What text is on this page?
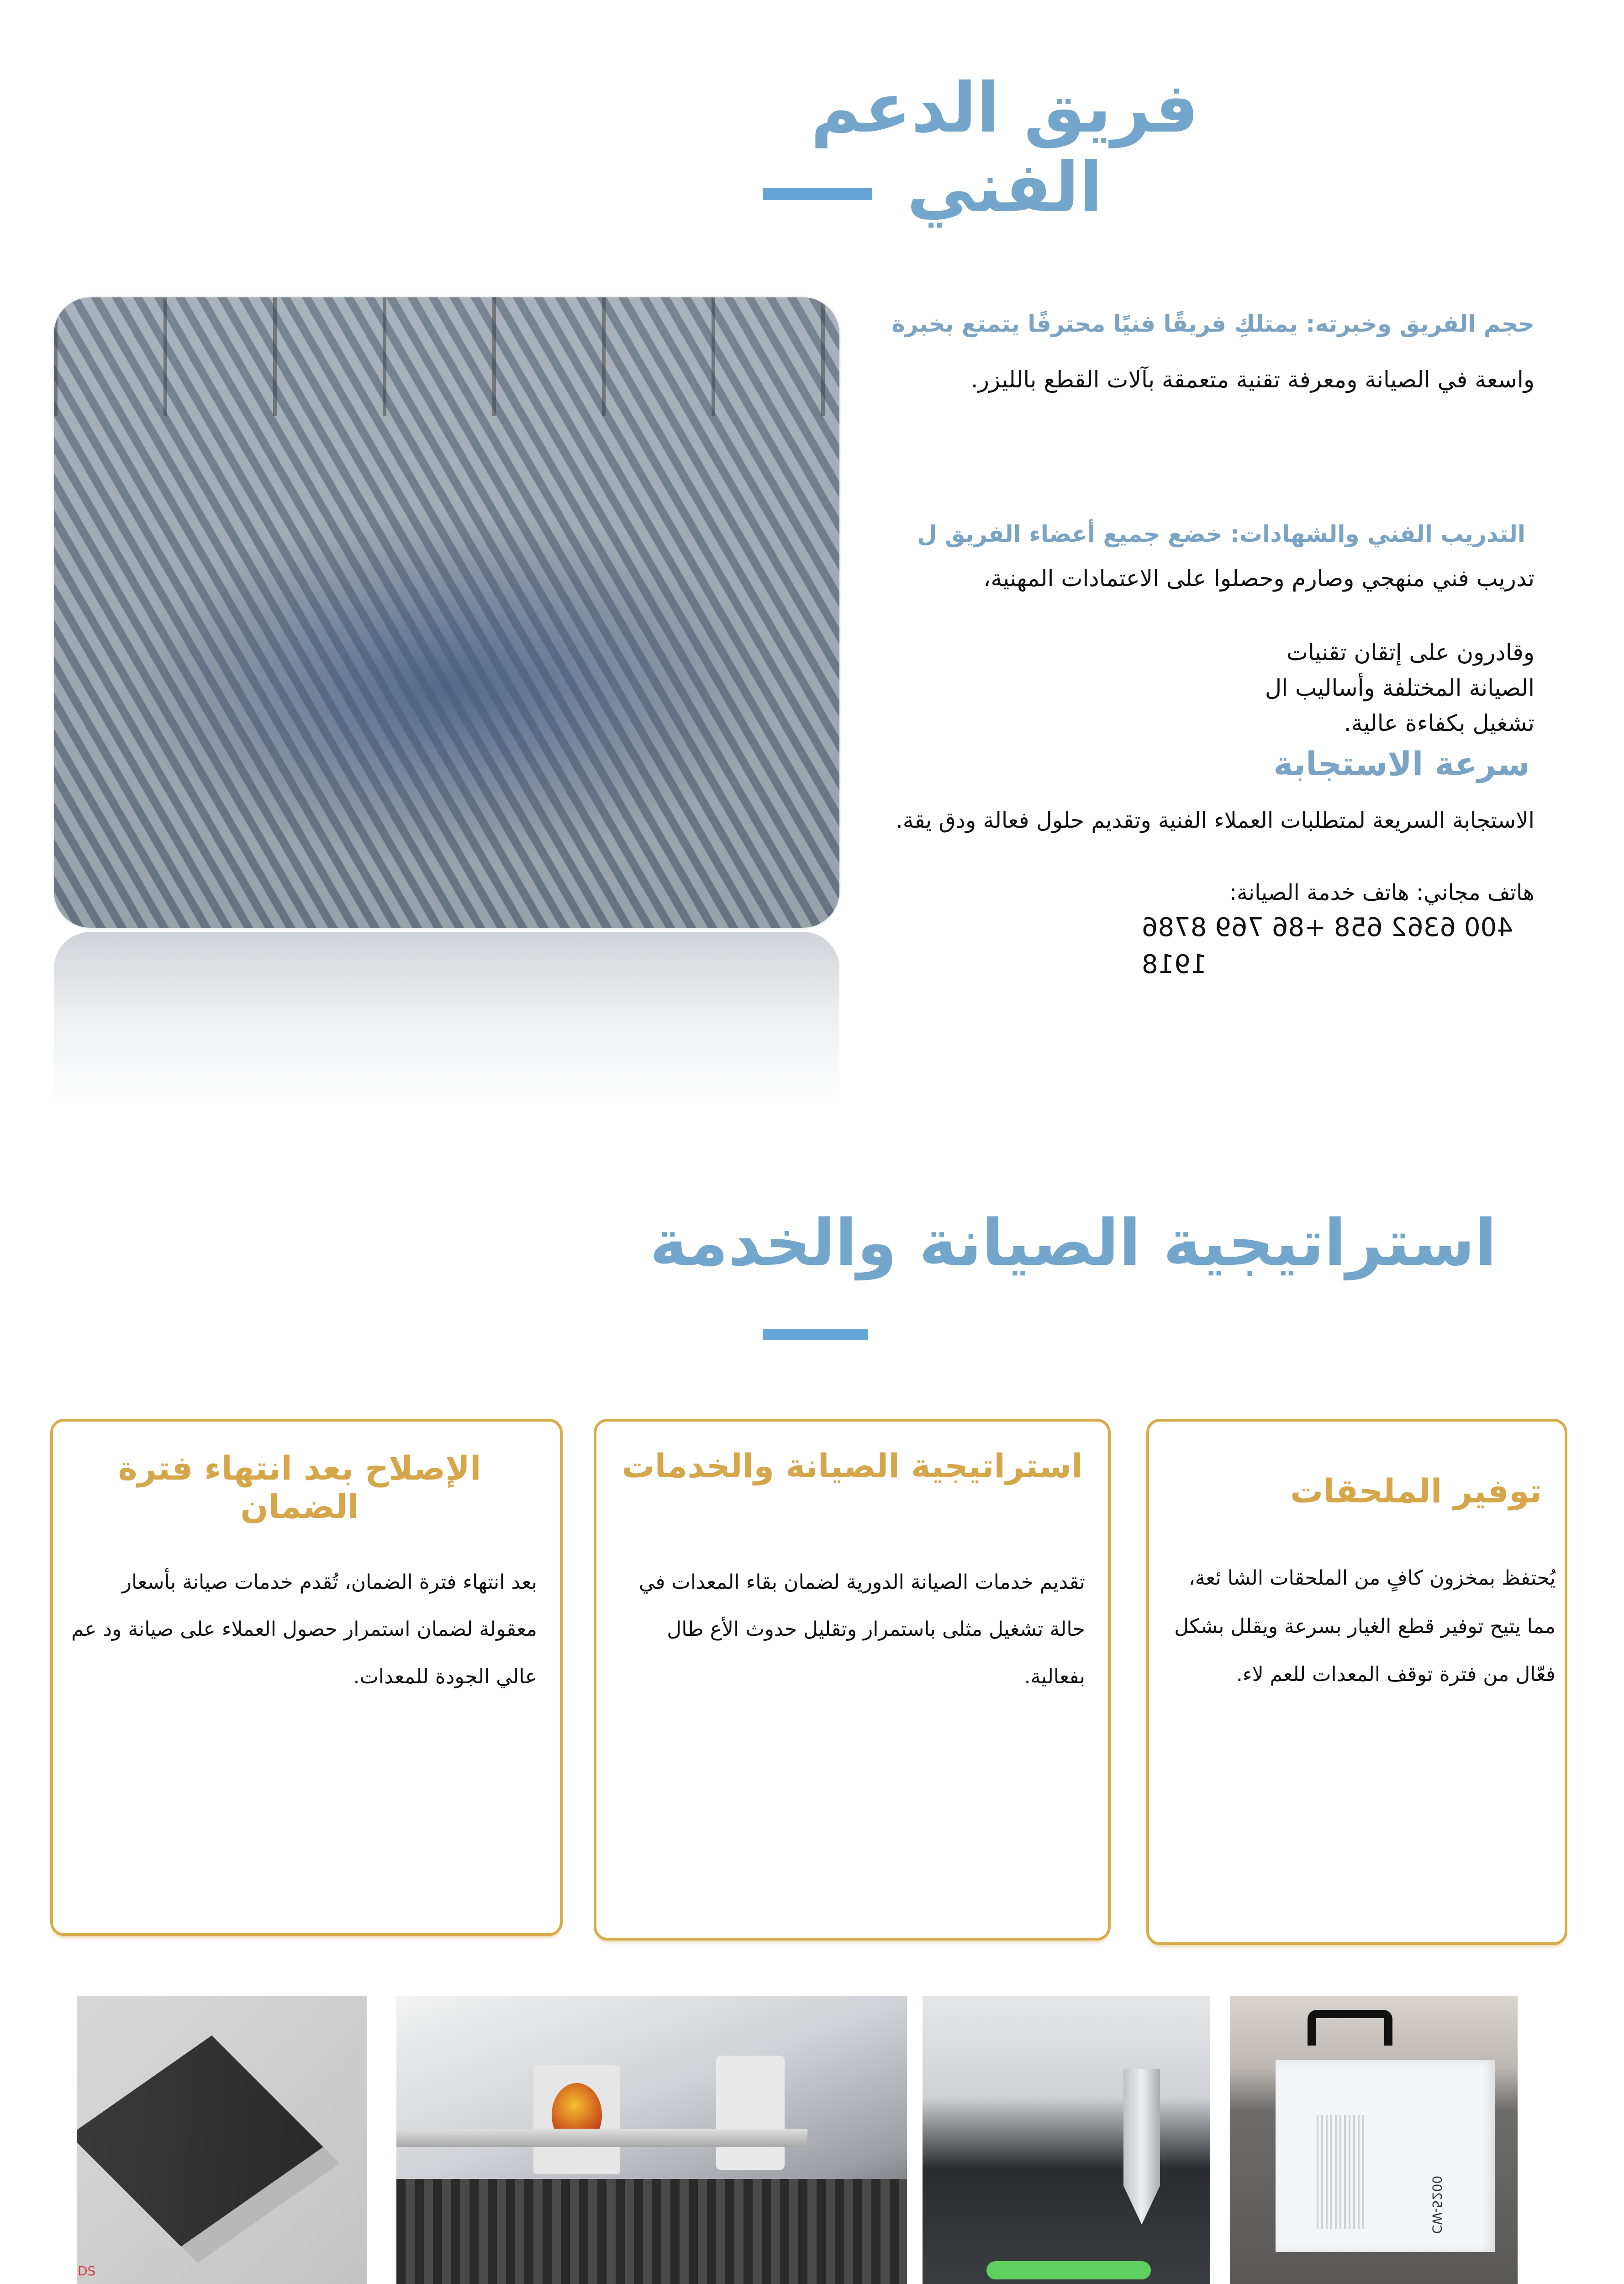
فريق الدعم الفني
حجم الفريق وخبرته: يمتلكِ فريقًا فنيًا محترفًا يتمتع بخبرة
واسعة في الصيانة ومعرفة تقنية متعمقة بآلات القطع بالليزر.
التدريب الفني والشهادات: خضع جميع أعضاء الفريق ل
تدريب فني منهجي وصارم وحصلوا على الاعتمادات المهنية،
وقادرون على إتقان تقنيات الصيانة المختلفة وأساليب ال تشغيل بكفاءة عالية.
سرعة الاستجابة
الاستجابة السريعة لمتطلبات العملاء الفنية وتقديم حلول فعالة ودق يقة.
هاتف مجاني: هاتف خدمة الصيانة:
400 6362 658 +86 769 8786 1918
استراتيجية الصيانة والخدمة
الإصلاح بعد انتهاء فترة الضمان
بعد انتهاء فترة الضمان، تُقدم خدمات صيانة بأسعار معقولة لضمان استمرار حصول العملاء على صيانة ود عم عالي الجودة للمعدات.
استراتيجية الصيانة والخدمات
تقديم خدمات الصيانة الدورية لضمان بقاء المعدات في حالة تشغيل مثلى باستمرار وتقليل حدوث الأع طال بفعالية.
توفير الملحقات
يُحتفظ بمخزون كافٍ من الملحقات الشا ئعة، مما يتيح توفير قطع الغيار بسرعة ويقلل بشكل فعّال من فترة توقف المعدات للعم لاء.
DS
CW-5200
